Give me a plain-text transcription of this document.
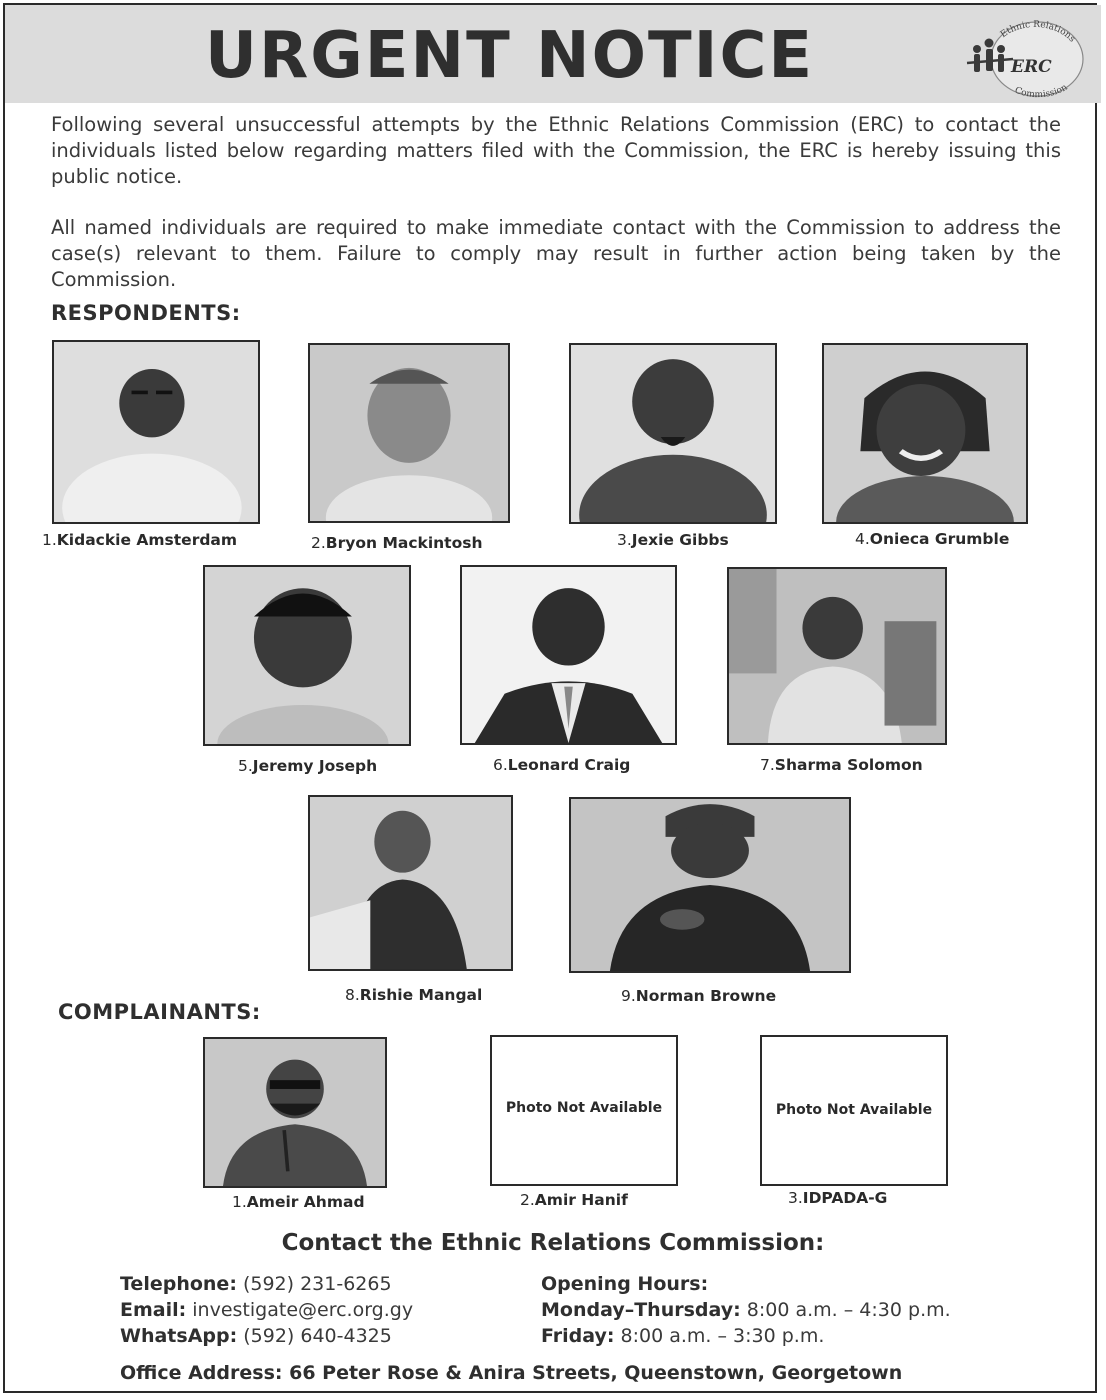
URGENT NOTICE	ERC
Ethnic Relations
Commission

Following several unsuccessful attempts by the Ethnic Relations Commission (ERC) to contact the individuals listed below regarding matters filed with the Commission, the ERC is hereby issuing this public notice.

All named individuals are required to make immediate contact with the Commission to address the case(s) relevant to them. Failure to comply may result in further action being taken by the Commission.

RESPONDENTS:
1.Kidackie Amsterdam	2.Bryon Mackintosh	3.Jexie Gibbs	4.Onieca Grumble
5.Jeremy Joseph	6.Leonard Craig	7.Sharma Solomon
8.Rishie Mangal	9.Norman Browne
COMPLAINANTS:
Photo Not Available	Photo Not Available
1.Ameir Ahmad	2.Amir Hanif	3.IDPADA-G
Contact the Ethnic Relations Commission:
Telephone: (592) 231-6265
Email: investigate@erc.org.gy
WhatsApp: (592) 640-4325
Opening Hours:
Monday–Thursday: 8:00 a.m. – 4:30 p.m.
Friday: 8:00 a.m. – 3:30 p.m.
Office Address: 66 Peter Rose & Anira Streets, Queenstown, Georgetown
